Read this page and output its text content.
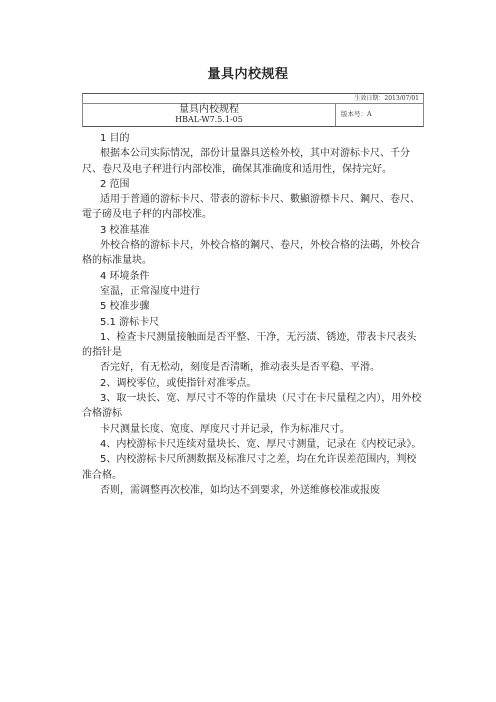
量具内校规程
生效日期：2013/07/01
量具内校规程
HBAL-W7.5.1-05
版本号：A
1 目的

根据本公司实际情况，部份计量器具送检外校，其中对游标卡尺、千分尺、卷尺及电子秤进行内部校准，确保其准确度和适用性，保持完好。

2 范围

适用于普通的游标卡尺、带表的游标卡尺、數顯游標卡尺、鋼尺、卷尺、電子磅及电子秤的内部校准。

3 校准基准

外校合格的游标卡尺，外校合格的鋼尺、卷尺，外校合格的法碼，外校合格的标准量块。

4 环境条件

室温，正常湿度中进行

5 校准步骤

5.1 游标卡尺

1、检查卡尺测量接触面是否平整、干净，无污渍、锈迹，带表卡尺表头的指针是

否完好，有无松动，刻度是否清晰，推动表头是否平稳、平滑。

2、调校零位，或使指针对准零点。

3、取一块长、宽、厚尺寸不等的作量块（尺寸在卡尺量程之内），用外校合格游标

卡尺测量长度、宽度、厚度尺寸并记录，作为标准尺寸。

4、内校游标卡尺连续对量块长、宽、厚尺寸测量，记录在《内校记录》。

5、内校游标卡尺所测数据及标准尺寸之差，均在允许误差范围内，判校准合格。

否则，需调整再次校准，如均达不到要求，外送维修校准或报废
